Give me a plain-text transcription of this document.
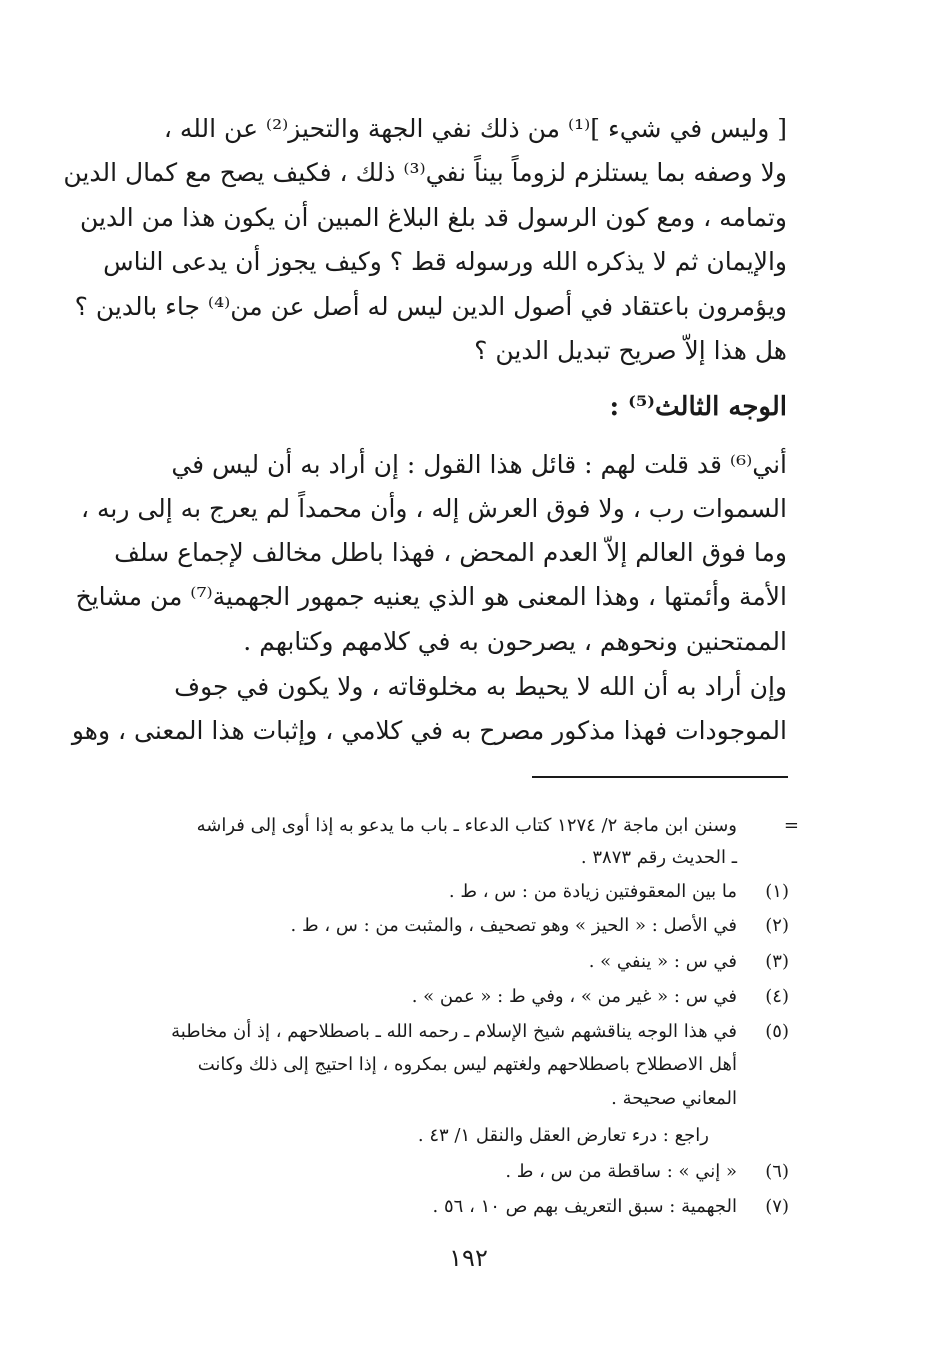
[ وليس في شيء ]⁽¹⁾ من ذلك نفي الجهة والتحيز⁽²⁾ عن الله ،
ولا وصفه بما يستلزم لزوماً بيناً نفي⁽³⁾ ذلك ، فكيف يصح مع كمال الدين
وتمامه ، ومع كون الرسول قد بلغ البلاغ المبين أن يكون هذا من الدين
والإيمان ثم لا يذكره الله ورسوله قط ؟ وكيف يجوز أن يدعى الناس
ويؤمرون باعتقاد في أصول الدين ليس له أصل عن من⁽⁴⁾ جاء بالدين ؟
هل هذا إلاّ صريح تبديل الدين ؟
الوجه الثالث⁽⁵⁾ :
أني⁽⁶⁾ قد قلت لهم : قائل هذا القول : إن أراد به أن ليس في
السموات رب ، ولا فوق العرش إله ، وأن محمداً لم يعرج به إلى ربه ،
وما فوق العالم إلاّ العدم المحض ، فهذا باطل مخالف لإجماع سلف
الأمة وأئمتها ، وهذا المعنى هو الذي يعنيه جمهور الجهمية⁽⁷⁾ من مشايخ
الممتحنين ونحوهم ، يصرحون به في كلامهم وكتابهم .
وإن أراد به أن الله لا يحيط به مخلوقاته ، ولا يكون في جوف
الموجودات فهذا مذكور مصرح به في كلامي ، وإثبات هذا المعنى ، وهو
=
وسنن ابن ماجة ٢/ ١٢٧٤ كتاب الدعاء ـ باب ما يدعو به إذا أوى إلى فراشه
ـ الحديث رقم ٣٨٧٣ .
(١)
ما بين المعقوفتين زيادة من : س ، ط .
(٢)
في الأصل : « الحيز » وهو تصحيف ، والمثبت من : س ، ط .
(٣)
في س : « ينفي » .
(٤)
في س : « غير من » ، وفي ط : « عمن » .
(٥)
في هذا الوجه يناقشهم شيخ الإسلام ـ رحمه الله ـ باصطلاحهم ، إذ أن مخاطبة
أهل الاصطلاح باصطلاحهم ولغتهم ليس بمكروه ، إذا احتيج إلى ذلك وكانت
المعاني صحيحة .
راجع : درء تعارض العقل والنقل ١/ ٤٣ .
(٦)
« إني » : ساقطة من س ، ط .
(٧)
الجهمية : سبق التعريف بهم ص ١٠ ، ٥٦ .
١٩٢
